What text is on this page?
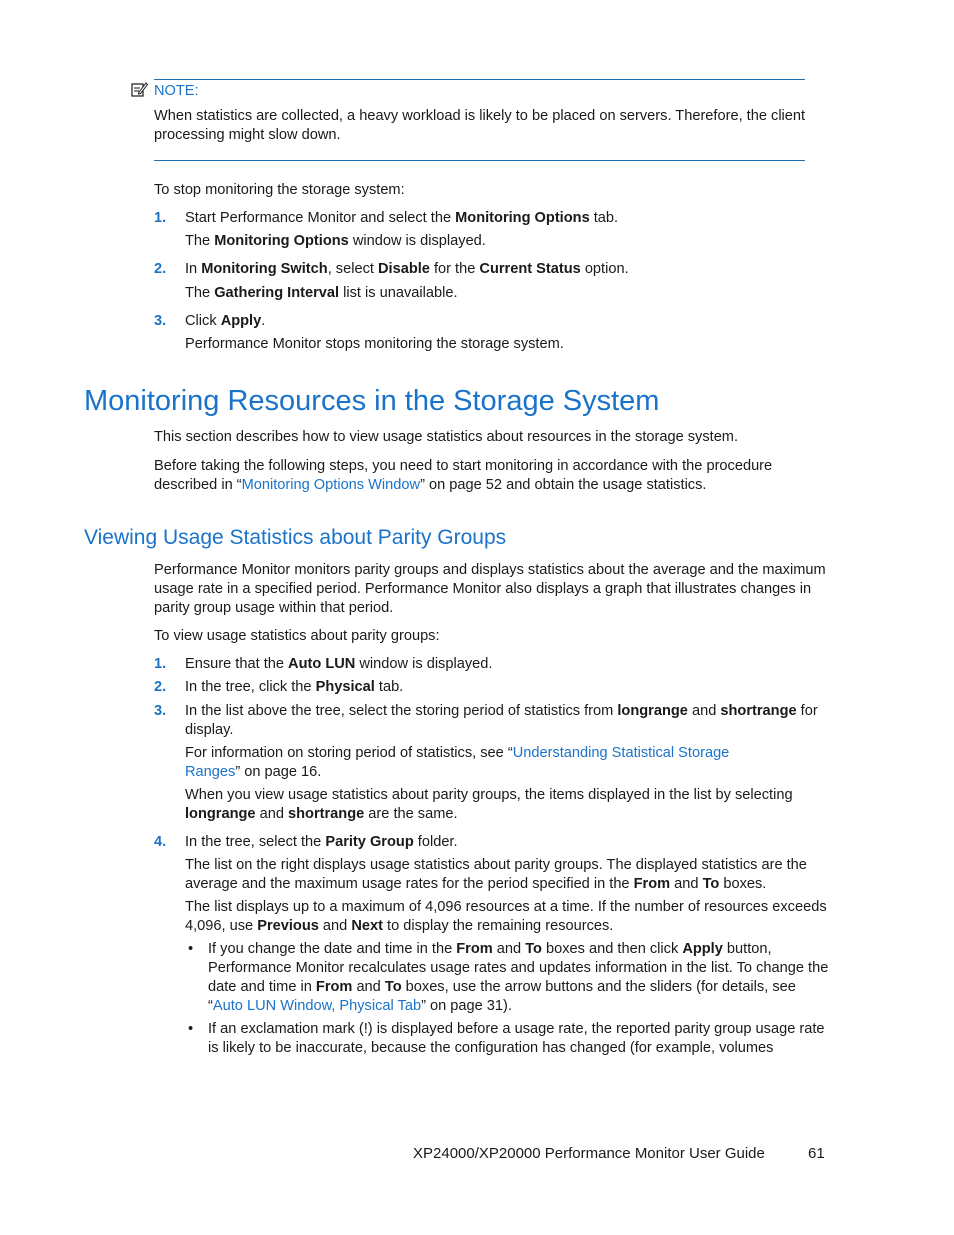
NOTE:
When statistics are collected, a heavy workload is likely to be placed on servers. Therefore, the client processing might slow down.
To stop monitoring the storage system:
1. Start Performance Monitor and select the Monitoring Options tab.
The Monitoring Options window is displayed.
2. In Monitoring Switch, select Disable for the Current Status option.
The Gathering Interval list is unavailable.
3. Click Apply.
Performance Monitor stops monitoring the storage system.
Monitoring Resources in the Storage System
This section describes how to view usage statistics about resources in the storage system.
Before taking the following steps, you need to start monitoring in accordance with the procedure described in “Monitoring Options Window” on page 52 and obtain the usage statistics.
Viewing Usage Statistics about Parity Groups
Performance Monitor monitors parity groups and displays statistics about the average and the maximum usage rate in a specified period. Performance Monitor also displays a graph that illustrates changes in parity group usage within that period.
To view usage statistics about parity groups:
1. Ensure that the Auto LUN window is displayed.
2. In the tree, click the Physical tab.
3. In the list above the tree, select the storing period of statistics from longrange and shortrange for display.
For information on storing period of statistics, see “Understanding Statistical Storage Ranges” on page 16.
When you view usage statistics about parity groups, the items displayed in the list by selecting longrange and shortrange are the same.
4. In the tree, select the Parity Group folder.
The list on the right displays usage statistics about parity groups. The displayed statistics are the average and the maximum usage rates for the period specified in the From and To boxes.
The list displays up to a maximum of 4,096 resources at a time. If the number of resources exceeds 4,096, use Previous and Next to display the remaining resources.
• If you change the date and time in the From and To boxes and then click Apply button, Performance Monitor recalculates usage rates and updates information in the list. To change the date and time in From and To boxes, use the arrow buttons and the sliders (for details, see “Auto LUN Window, Physical Tab” on page 31).
• If an exclamation mark (!) is displayed before a usage rate, the reported parity group usage rate is likely to be inaccurate, because the configuration has changed (for example, volumes
XP24000/XP20000 Performance Monitor User Guide	61
